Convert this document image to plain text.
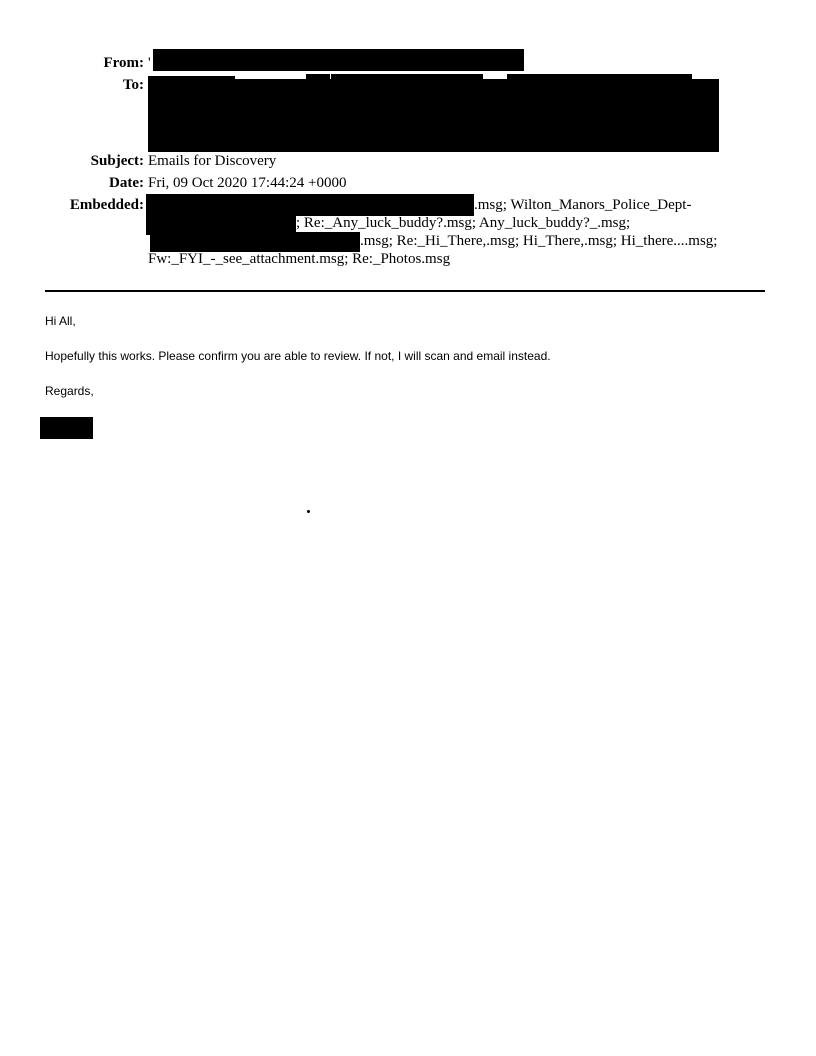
From:
To:
Subject:
Date:
Embedded:
'
Emails for Discovery
Fri, 09 Oct 2020 17:44:24 +0000
.msg; Wilton_Manors_Police_Dept-
; Re:_Any_luck_buddy?.msg; Any_luck_buddy?_.msg;
.msg; Re:_Hi_There,.msg; Hi_There,.msg; Hi_there....msg;
Fw:_FYI_-_see_attachment.msg; Re:_Photos.msg
Hi All,
Hopefully this works. Please confirm you are able to review. If not, I will scan and email instead.
Regards,
